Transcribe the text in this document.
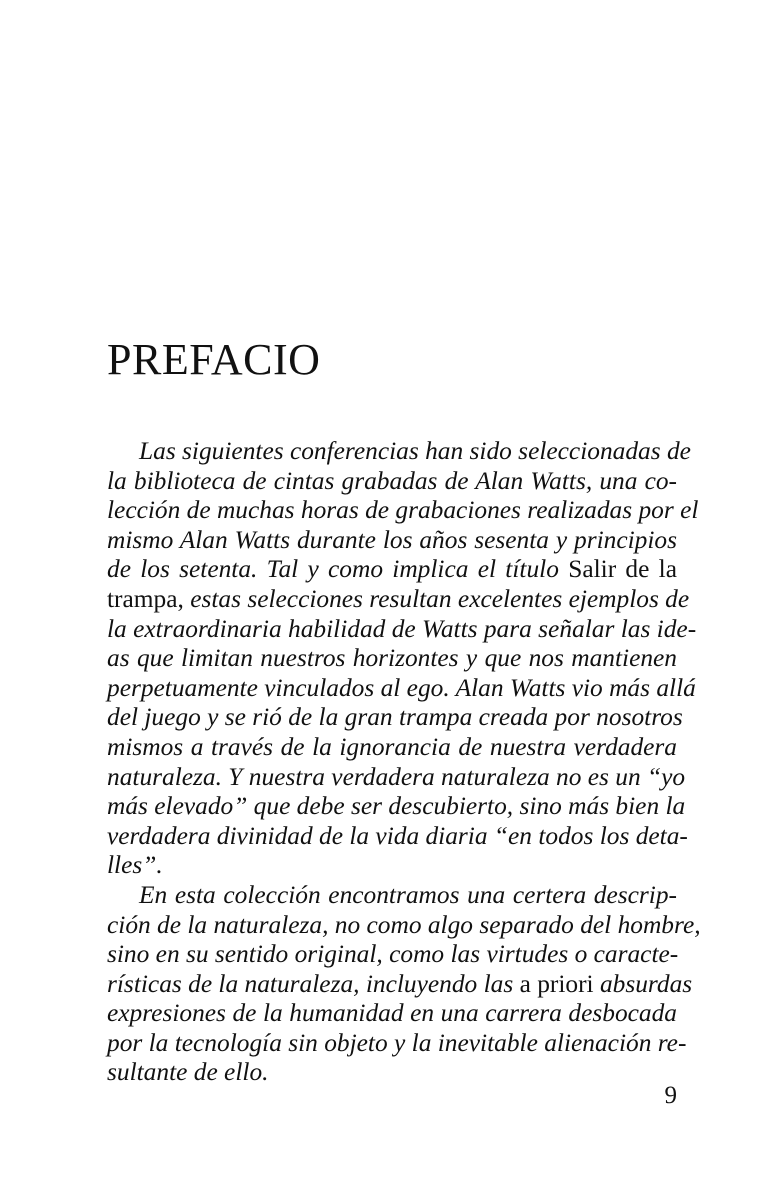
PREFACIO
Las siguientes conferencias han sido seleccionadas de
la biblioteca de cintas grabadas de Alan Watts, una co-
lección de muchas horas de grabaciones realizadas por el
mismo Alan Watts durante los años sesenta y principios
de los setenta. Tal y como implica el título Salir de la
trampa, estas selecciones resultan excelentes ejemplos de
la extraordinaria habilidad de Watts para señalar las ide-
as que limitan nuestros horizontes y que nos mantienen
perpetuamente vinculados al ego. Alan Watts vio más allá
del juego y se rió de la gran trampa creada por nosotros
mismos a través de la ignorancia de nuestra verdadera
naturaleza. Y nuestra verdadera naturaleza no es un “yo
más elevado” que debe ser descubierto, sino más bien la
verdadera divinidad de la vida diaria “en todos los deta-
lles”.
En esta colección encontramos una certera descrip-
ción de la naturaleza, no como algo separado del hombre,
sino en su sentido original, como las virtudes o caracte-
rísticas de la naturaleza, incluyendo las a priori absurdas
expresiones de la humanidad en una carrera desbocada
por la tecnología sin objeto y la inevitable alienación re-
sultante de ello.
9
